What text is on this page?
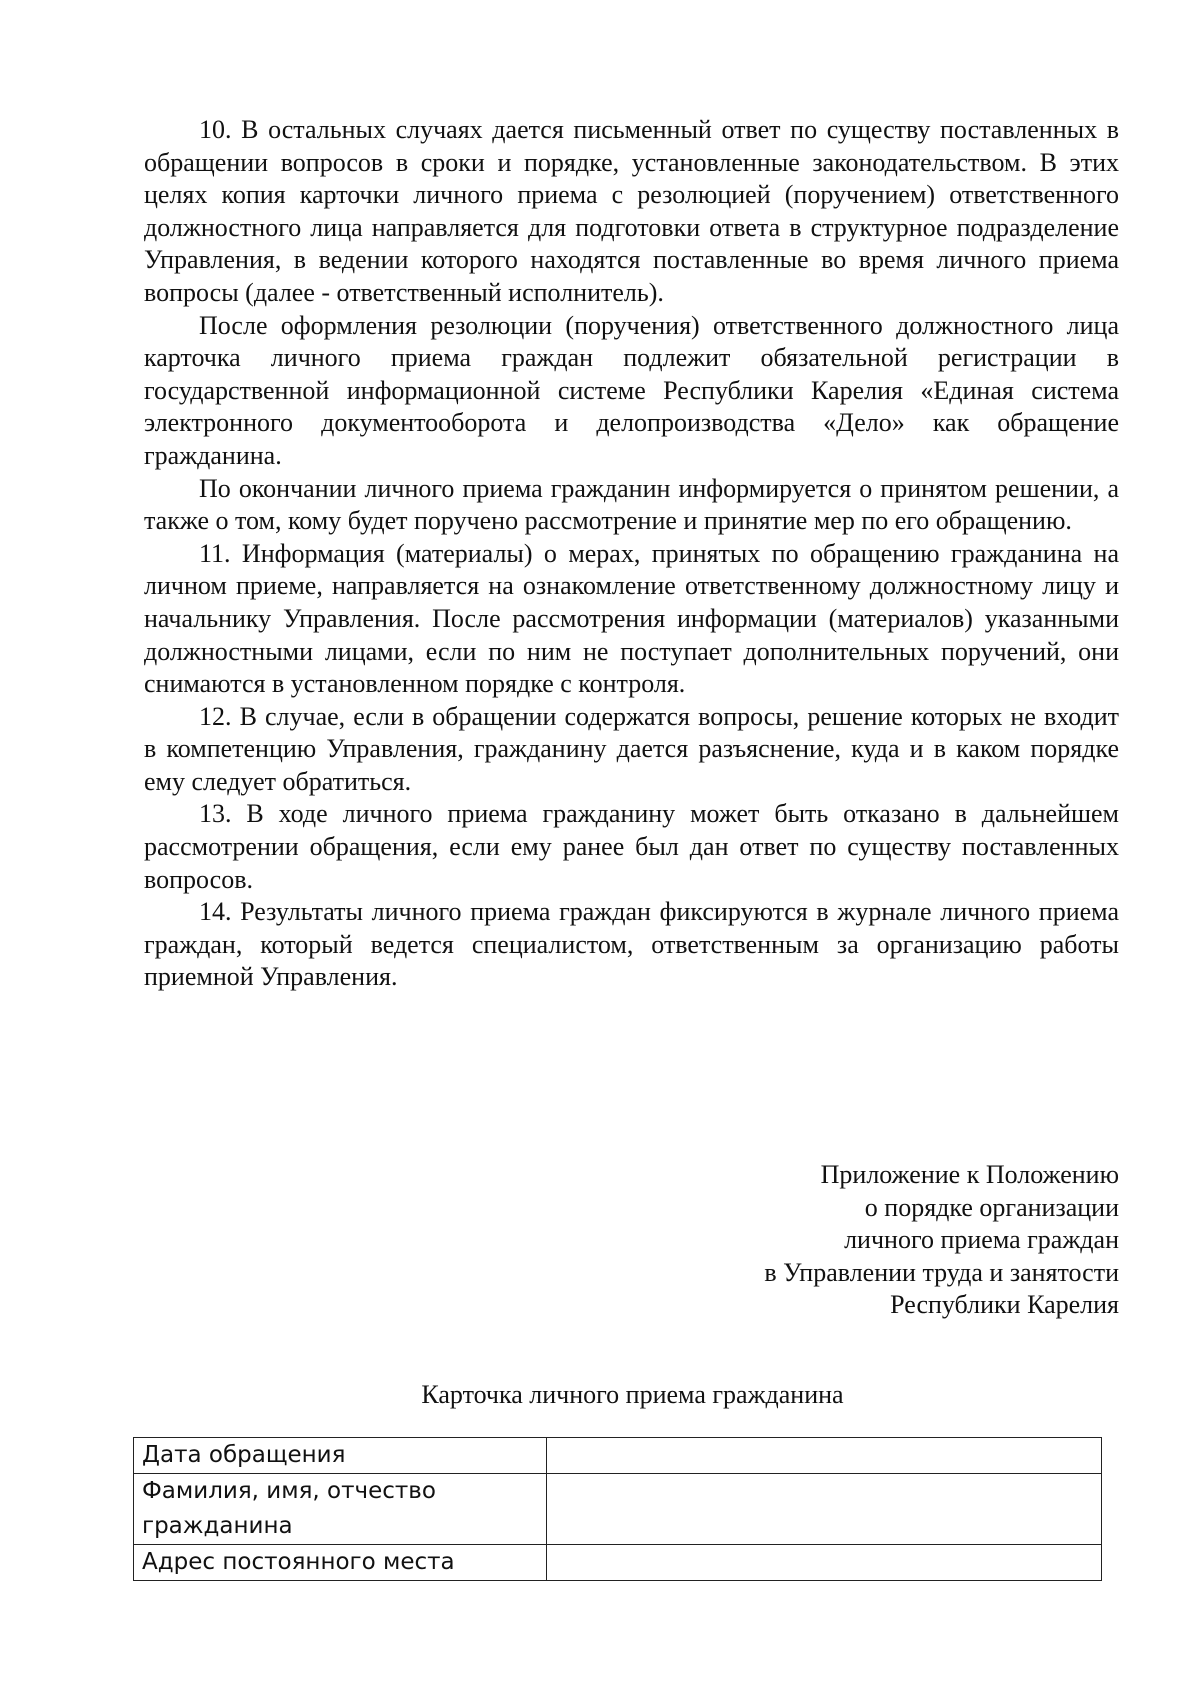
10. В остальных случаях дается письменный ответ по существу поставленных в обращении вопросов в сроки и порядке, установленные законодательством. В этих целях копия карточки личного приема с резолюцией (поручением) ответственного должностного лица направляется для подготовки ответа в структурное подразделение Управления, в ведении которого находятся поставленные во время личного приема вопросы (далее - ответственный исполнитель).

После оформления резолюции (поручения) ответственного должностного лица карточка личного приема граждан подлежит обязательной регистрации в государственной информационной системе Республики Карелия «Единая система электронного документооборота и делопроизводства «Дело» как обращение гражданина.

По окончании личного приема гражданин информируется о принятом решении, а также о том, кому будет поручено рассмотрение и принятие мер по его обращению.

11. Информация (материалы) о мерах, принятых по обращению гражданина на личном приеме, направляется на ознакомление ответственному должностному лицу и начальнику Управления. После рассмотрения информации (материалов) указанными должностными лицами, если по ним не поступает дополнительных поручений, они снимаются в установленном порядке с контроля.

12. В случае, если в обращении содержатся вопросы, решение которых не входит в компетенцию Управления, гражданину дается разъяснение, куда и в каком порядке ему следует обратиться.

13. В ходе личного приема гражданину может быть отказано в дальнейшем рассмотрении обращения, если ему ранее был дан ответ по существу поставленных вопросов.

14. Результаты личного приема граждан фиксируются в журнале личного приема граждан, который ведется специалистом, ответственным за организацию работы приемной Управления.

Приложение к Положению
о порядке организации
личного приема граждан
в Управлении труда и занятости
Республики Карелия
Карточка личного приема гражданина
Дата обращения	
Фамилия, имя, отчество гражданина	
Адрес постоянного места	
